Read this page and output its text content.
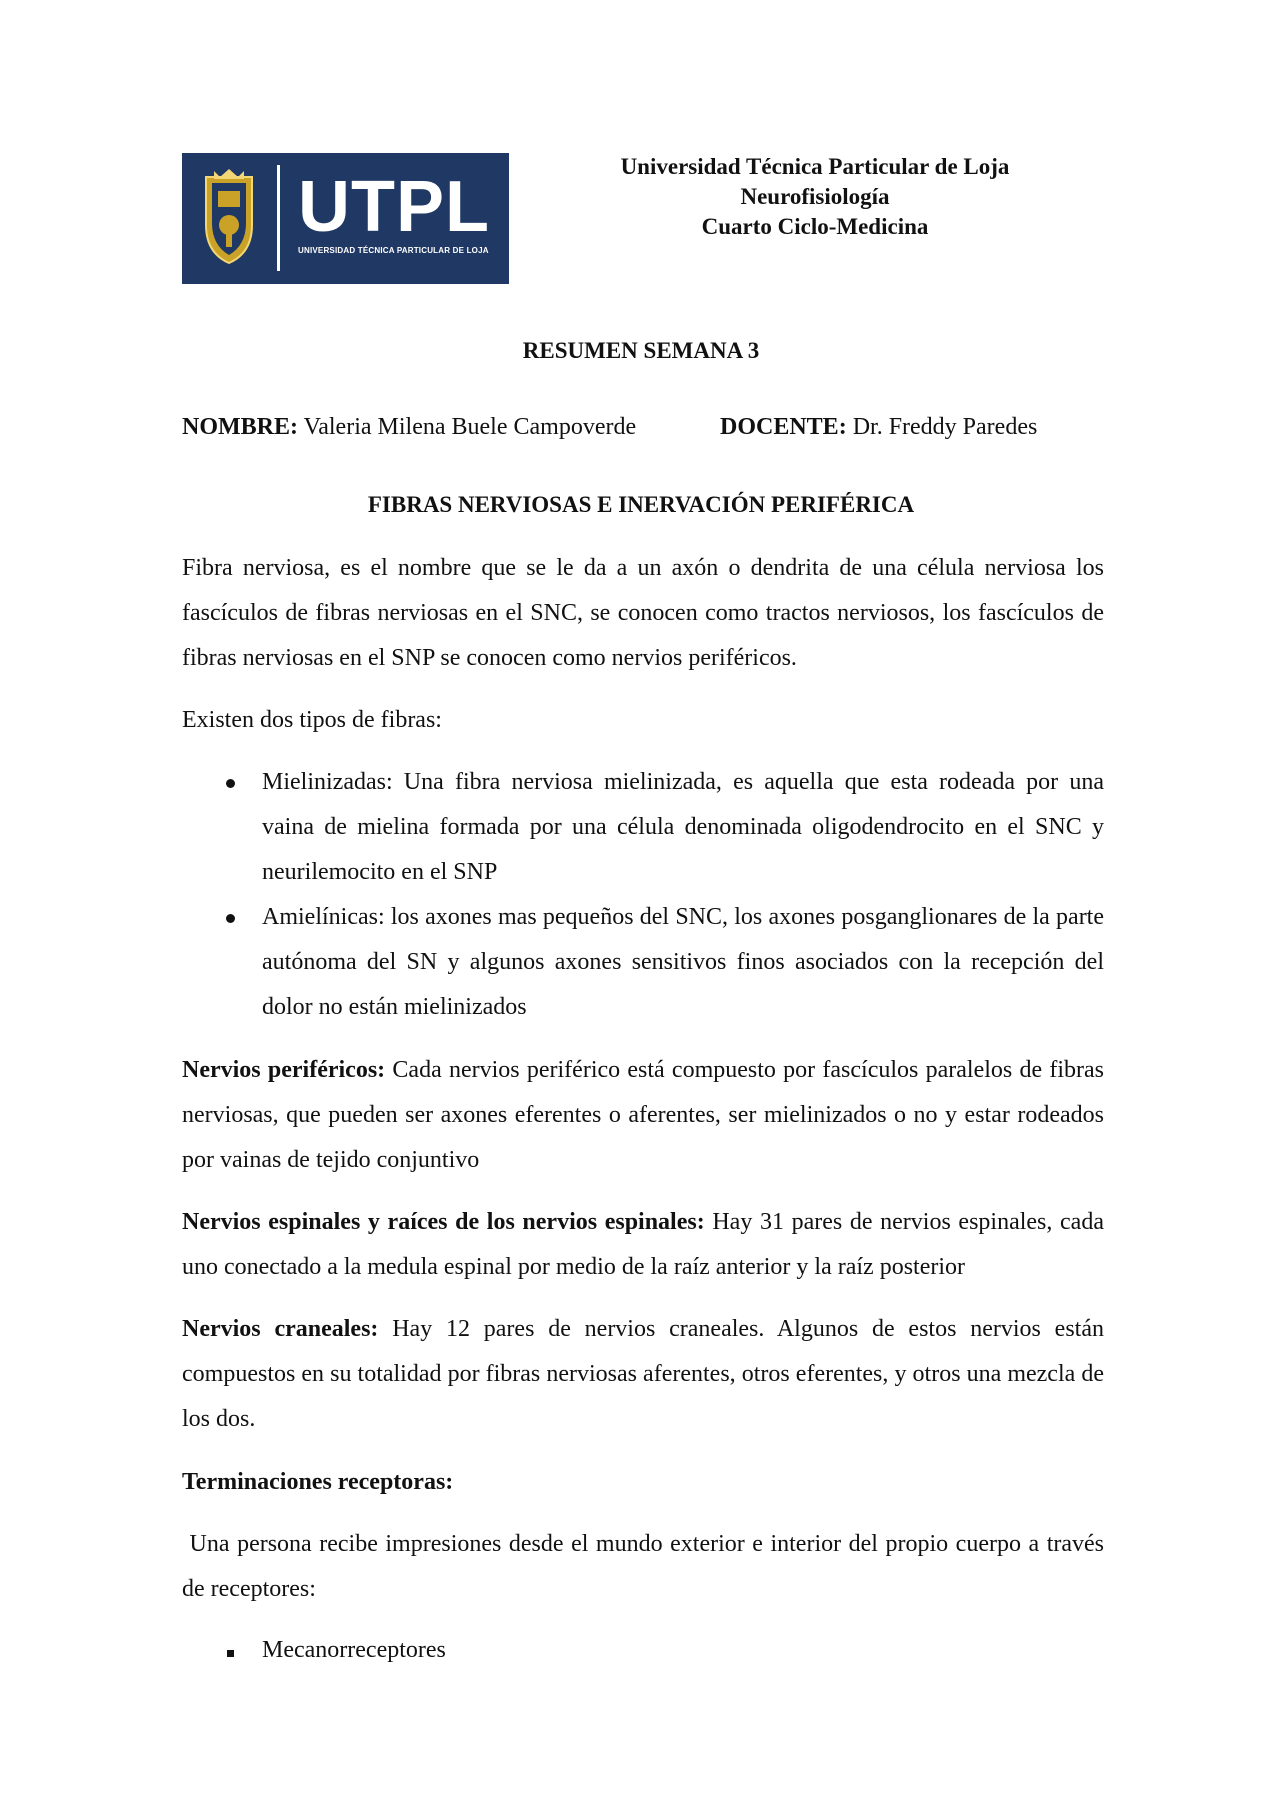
UTPL
UNIVERSIDAD TÉCNICA PARTICULAR DE LOJA
Universidad Técnica Particular de Loja
Neurofisiología
Cuarto Ciclo-Medicina
RESUMEN SEMANA 3
NOMBRE: Valeria Milena Buele Campoverde	DOCENTE: Dr. Freddy Paredes
FIBRAS NERVIOSAS E INERVACIÓN PERIFÉRICA
Fibra nerviosa, es el nombre que se le da a un axón o dendrita de una célula nerviosa los fascículos de fibras nerviosas en el SNC, se conocen como tractos nerviosos, los fascículos de fibras nerviosas en el SNP se conocen como nervios periféricos.
Existen dos tipos de fibras:
Mielinizadas: Una fibra nerviosa mielinizada, es aquella que esta rodeada por una vaina de mielina formada por una célula denominada oligodendrocito en el SNC y neurilemocito en el SNP
Amielínicas: los axones mas pequeños del SNC, los axones posganglionares de la parte autónoma del SN y algunos axones sensitivos finos asociados con la recepción del dolor no están mielinizados
Nervios periféricos: Cada nervios periférico está compuesto por fascículos paralelos de fibras nerviosas, que pueden ser axones eferentes o aferentes, ser mielinizados o no y estar rodeados por vainas de tejido conjuntivo
Nervios espinales y raíces de los nervios espinales: Hay 31 pares de nervios espinales, cada uno conectado a la medula espinal por medio de la raíz anterior y la raíz posterior
Nervios craneales: Hay 12 pares de nervios craneales. Algunos de estos nervios están compuestos en su totalidad por fibras nerviosas aferentes, otros eferentes, y otros una mezcla de los dos.
Terminaciones receptoras:
Una persona recibe impresiones desde el mundo exterior e interior del propio cuerpo a través de receptores:
Mecanorreceptores
